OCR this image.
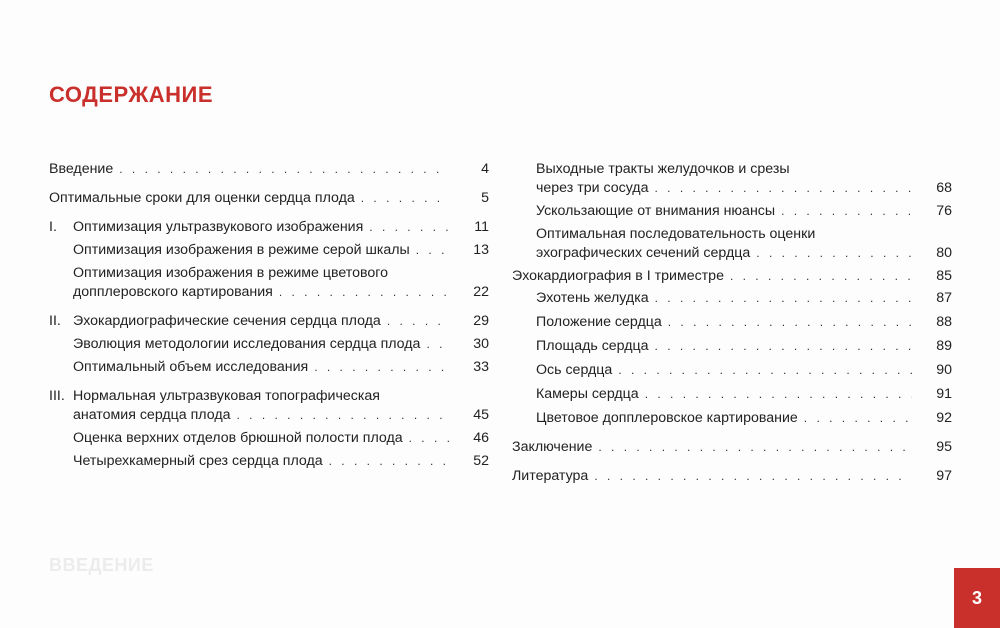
СОДЕРЖАНИЕ
Введение . . .	4
Оптимальные сроки для оценки сердца плода . . .	5
I. Оптимизация ультразвукового изображения . . .	11
Оптимизация изображения в режиме серой шкалы . . .	13
Оптимизация изображения в режиме цветового
допплеровского картирования . . .	22
II. Эхокардиографические сечения сердца плода . . .	29
Эволюция методологии исследования сердца плода . . .	30
Оптимальный объем исследования . . .	33
III. Нормальная ультразвуковая топографическая
анатомия сердца плода . . .	45
Оценка верхних отделов брюшной полости плода . . .	46
Четырехкамерный срез сердца плода . . .	52
Выходные тракты желудочков и срезы
через три сосуда . . .	68
Ускользающие от внимания нюансы . . .	76
Оптимальная последовательность оценки
эхографических сечений сердца . . .	80
Эхокардиография в I триместре . . .	85
Эхотень желудка . . .	87
Положение сердца . . .	88
Площадь сердца . . .	89
Ось сердца . . .	90
Камеры сердца . . .	91
Цветовое допплеровское картирование . . .	92
Заключение . . .	95
Литература . . .	97
ВВЕДЕНИЕ
3
